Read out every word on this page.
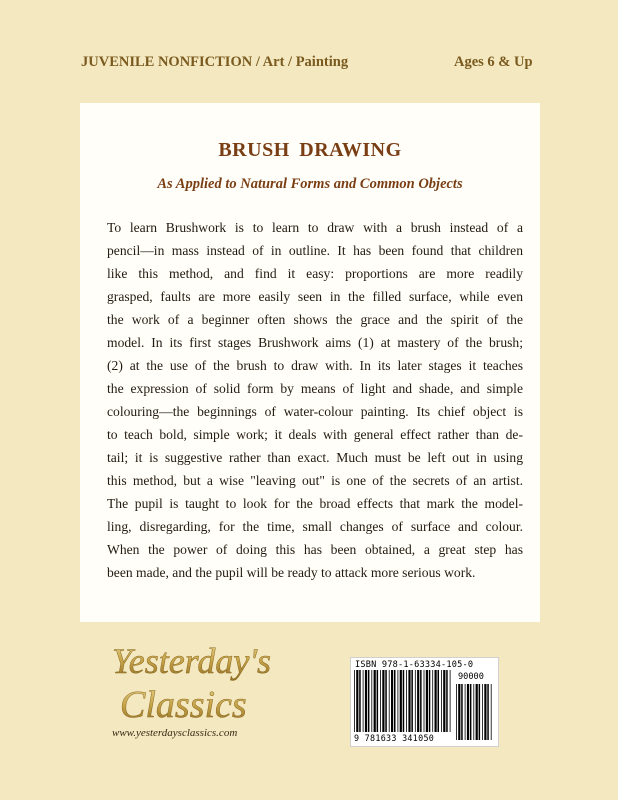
JUVENILE NONFICTION / Art / Painting	Ages 6 & Up
BRUSH DRAWING
As Applied to Natural Forms and Common Objects
To learn Brushwork is to learn to draw with a brush instead of a
pencil—in mass instead of in outline. It has been found that children
like this method, and find it easy: proportions are more readily
grasped, faults are more easily seen in the filled surface, while even
the work of a beginner often shows the grace and the spirit of the
model. In its first stages Brushwork aims (1) at mastery of the brush;
(2) at the use of the brush to draw with. In its later stages it teaches
the expression of solid form by means of light and shade, and simple
colouring—the beginnings of water-colour painting. Its chief object is
to teach bold, simple work; it deals with general effect rather than de-
tail; it is suggestive rather than exact. Much must be left out in using
this method, but a wise "leaving out" is one of the secrets of an artist.
The pupil is taught to look for the broad effects that mark the model-
ling, disregarding, for the time, small changes of surface and colour.
When the power of doing this has been obtained, a great step has
been made, and the pupil will be ready to attack more serious work.
Yesterday's
Classics
www.yesterdaysclassics.com
ISBN 978-1-63334-105-0
90000
9 781633 341050
